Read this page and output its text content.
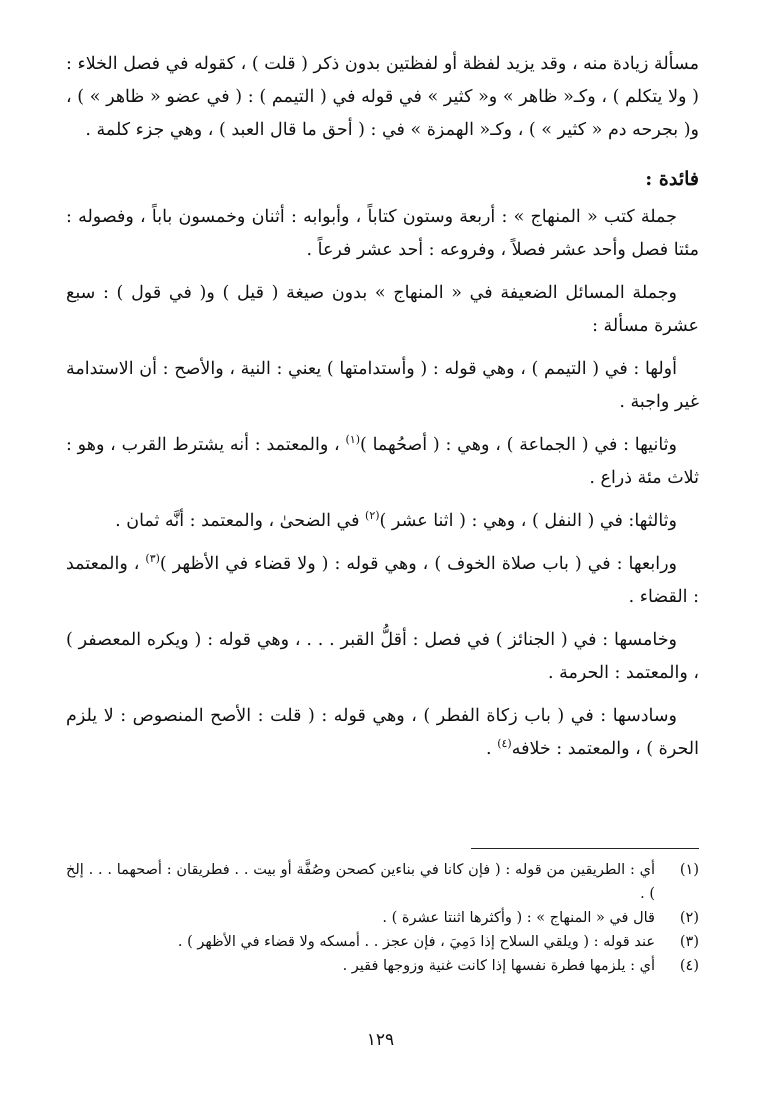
مسألة زيادة منه ، وقد يزيد لفظة أو لفظتين بدون ذكر ( قلت ) ، كقوله في فصل الخلاء : ( ولا يتكلم ) ، وكـ« ظاهر » و« كثير » في قوله في ( التيمم ) : ( في عضو « ظاهر » ) ، و( بجرحه دم « كثير » ) ، وكـ« الهمزة » في : ( أحق ما قال العبد ) ، وهي جزء كلمة .

فائدة :

جملة كتب « المنهاج » : أربعة وستون كتاباً ، وأبوابه : أثنان وخمسون باباً ، وفصوله : مئتا فصل وأحد عشر فصلاً ، وفروعه : أحد عشر فرعاً .

وجملة المسائل الضعيفة في « المنهاج » بدون صيغة ( قيل ) و( في قول ) : سبع عشرة مسألة :

أولها : في ( التيمم ) ، وهي قوله : ( وأستدامتها ) يعني : النية ، والأصح : أن الاستدامة غير واجبة .

وثانيها : في ( الجماعة ) ، وهي : ( أصحُهما )$^{(١)}$ ، والمعتمد : أنه يشترط القرب ، وهو : ثلاث مئة ذراع .

وثالثها: في ( النفل ) ، وهي : ( اثنا عشر )$^{(٢)}$ في الضحىٰ ، والمعتمد : أنَّه ثمان .

ورابعها : في ( باب صلاة الخوف ) ، وهي قوله : ( ولا قضاء في الأظهر )$^{(٣)}$ ، والمعتمد : القضاء .

وخامسها : في ( الجنائز ) في فصل : أقلُّ القبر . . . ، وهي قوله : ( ويكره المعصفر ) ، والمعتمد : الحرمة .

وسادسها : في ( باب زكاة الفطر ) ، وهي قوله : ( قلت : الأصح المنصوص : لا يلزم الحرة ) ، والمعتمد : خلافه$^{(٤)}$ .

(١)
أي : الطريقين من قوله : ( فإن كانا في بناءين كصحن وصُفَّة أو بيت . . فطريقان : أصحهما . . . إلخ ) .
(٢)
قال في « المنهاج » : ( وأكثرها اثنتا عشرة ) .
(٣)
عند قوله : ( ويلقي السلاح إذا دَمِيَ ، فإن عجز . . أمسكه ولا قضاء في الأظهر ) .
(٤)
أي : يلزمها فطرة نفسها إذا كانت غنية وزوجها فقير .
١٢٩
